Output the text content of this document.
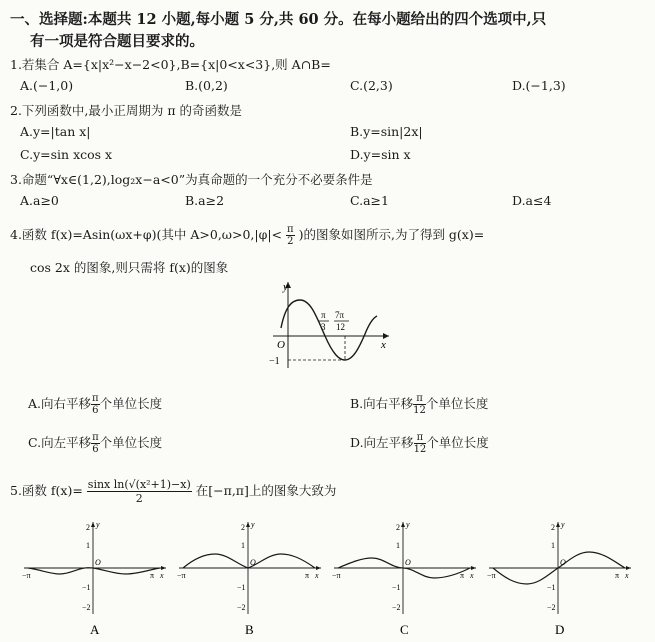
一、选择题:本题共 12 小题,每小题 5 分,共 60 分。在每小题给出的四个选项中,只
有一项是符合题目要求的。
1.若集合 A={x|x²−x−2<0},B={x|0<x<3},则 A∩B=
A.(−1,0)	B.(0,2)	C.(2,3)	D.(−1,3)
2.下列函数中,最小正周期为 π 的奇函数是
A.y=|tan x|	B.y=sin|2x|
C.y=sin xcos x	D.y=sin x
3.命题“∀x∈(1,2),log₂x−a<0”为真命题的一个充分不必要条件是
A.a≥0	B.a≥2	C.a≥1	D.a≤4
4.函数 f(x)=Asin(ωx+φ)(其中 $A>0,\omega>0,|\varphi|< \frac{\pi}{2}$ )的图象如图所示,为了得到 g(x)=
cos 2x 的图象,则只需将 f(x)的图象
y
x
O
−1
π
3
7π
12
A.向右平移 $\frac{\pi}{6}$ 个单位长度	B.向右平移 $\frac{\pi}{12}$ 个单位长度
C.向左平移 $\frac{\pi}{6}$ 个单位长度	D.向左平移 $\frac{\pi}{12}$ 个单位长度
5.函数 $f(x)= \frac{\text{sinx ln(√(x²+1)−x)}}{2}$ 在[−π,π]上的图象大致为
y
x
2
1
−1
−2
−π	π
O
y
x
2
1
−1
−2
−π	π
O
y
x
2
1
−1
−2
−π	π
O
y
x
2
1
−1
−2
−π	π
O
A	B	C	D
